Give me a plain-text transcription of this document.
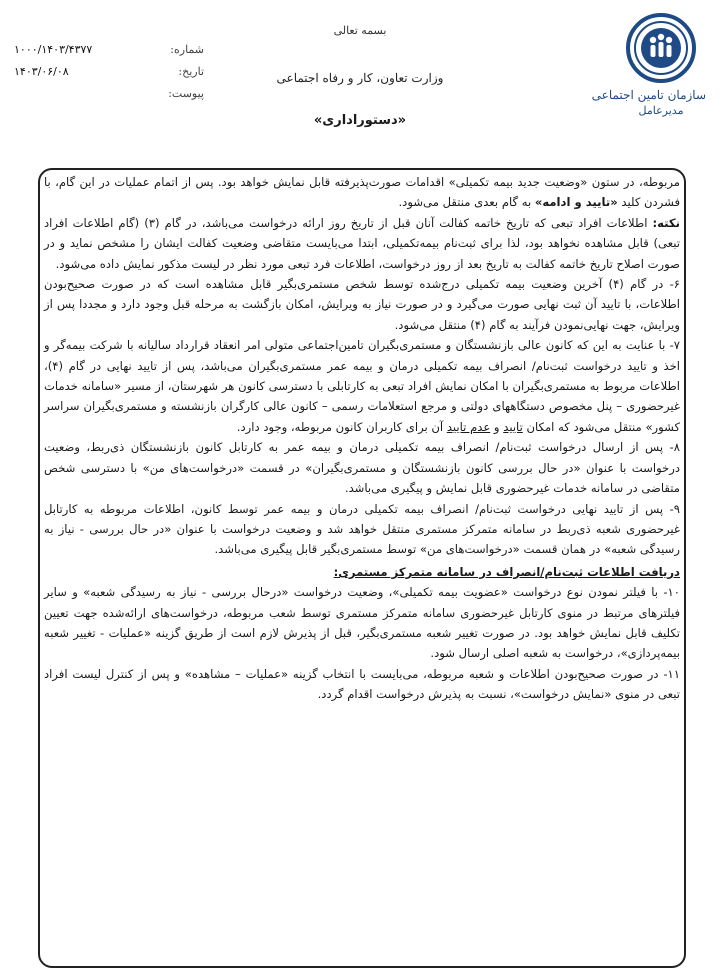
سازمان تامین اجتماعی
مدیرعامل
بسمه تعالی
وزارت تعاون، کار و رفاه اجتماعی
«دستوراداری»
شماره:
۱۰۰۰/۱۴۰۳/۴۳۷۷
تاریخ:
۱۴۰۳/۰۶/۰۸
پیوست:

مربوطه، در ستون «وضعیت جدید بیمه تکمیلی» اقدامات صورت‌پذیرفته قابل نمایش خواهد بود. پس از اتمام عملیات در این گام، با فشردن کلید «تایید و ادامه» به گام بعدی منتقل می‌شود.

نکته: اطلاعات افراد تبعی که تاریخ خاتمه کفالت آنان قبل از تاریخ روز ارائه درخواست می‌باشد، در گام (۳) (گام اطلاعات افراد تبعی) قابل مشاهده نخواهد بود، لذا برای ثبت‌نام بیمه‌تکمیلی، ابتدا می‌بایست متقاضی وضعیت کفالت ایشان را مشخص نماید و در صورت اصلاح تاریخ خاتمه کفالت به تاریخ بعد از روز درخواست، اطلاعات فرد تبعی مورد نظر در لیست مذکور نمایش داده می‌شود.

۶- در گام (۴) آخرین وضعیت بیمه تکمیلی درج‌شده توسط شخص مستمری‌بگیر قابل مشاهده است که در صورت صحیح‌بودن اطلاعات، با تایید آن ثبت نهایی صورت می‌گیرد و در صورت نیاز به ویرایش، امکان بازگشت به مرحله قبل وجود دارد و مجددا پس از ویرایش، جهت نهایی‌نمودن فرآیند به گام (۴) منتقل می‌شود.

۷- با عنایت به این که کانون عالی بازنشستگان و مستمری‌بگیران تامین‌اجتماعی متولی امر انعقاد قرارداد سالیانه با شرکت بیمه‌گر و اخذ و تایید درخواست ثبت‌نام/ انصراف بیمه تکمیلی درمان و بیمه عمر مستمری‌بگیران می‌باشد، پس از تایید نهایی در گام (۴)، اطلاعات مربوط به مستمری‌بگیران با امکان نمایش افراد تبعی به کارتابلی با دسترسی کانون هر شهرستان، از مسیر «سامانه خدمات غیرحضوری – پنل مخصوص دستگاههای دولتی و مرجع استعلامات رسمی – کانون عالی کارگران بازنشسته و مستمری‌بگیران سراسر کشور» منتقل می‌شود که امکان تایید و عدم تایید آن برای کاربران کانون مربوطه، وجود دارد.

۸- پس از ارسال درخواست ثبت‌نام/ انصراف بیمه تکمیلی درمان و بیمه عمر به کارتابل کانون بازنشستگان ذی‌ربط، وضعیت درخواست با عنوان «در حال بررسی کانون بازنشستگان و مستمری‌بگیران» در قسمت «درخواست‌های من» با دسترسی شخص متقاضی در سامانه خدمات غیرحضوری قابل نمایش و پیگیری می‌باشد.

۹- پس از تایید نهایی درخواست ثبت‌نام/ انصراف بیمه تکمیلی درمان و بیمه عمر توسط کانون، اطلاعات مربوطه به کارتابل غیرحضوری شعبه ذی‌ربط در سامانه متمرکز مستمری منتقل خواهد شد و وضعیت درخواست با عنوان «در حال بررسی - نیاز به رسیدگی شعبه» در همان قسمت «درخواست‌های من» توسط مستمری‌بگیر قابل پیگیری می‌باشد.

دریافت اطلاعات ثبت‌نام/انصراف در سامانه متمرکز مستمری:

۱۰- با فیلتر نمودن نوع درخواست «عضویت بیمه تکمیلی»، وضعیت درخواست «درحال بررسی - نیاز به رسیدگی شعبه» و سایر فیلترهای مرتبط در منوی کارتابل غیرحضوری سامانه متمرکز مستمری توسط شعب مربوطه، درخواست‌های ارائه‌شده جهت تعیین تکلیف قابل نمایش خواهد بود. در صورت تغییر شعبه مستمری‌بگیر، قبل از پذیرش لازم است از طریق گزینه «عملیات - تغییر شعبه بیمه‌پردازی»، درخواست به شعبه اصلی ارسال شود.

۱۱- در صورت صحیح‌بودن اطلاعات و شعبه مربوطه، می‌بایست با انتخاب گزینه «عملیات – مشاهده» و پس از کنترل لیست افراد تبعی در منوی «نمایش درخواست»، نسبت به پذیرش درخواست اقدام گردد.
